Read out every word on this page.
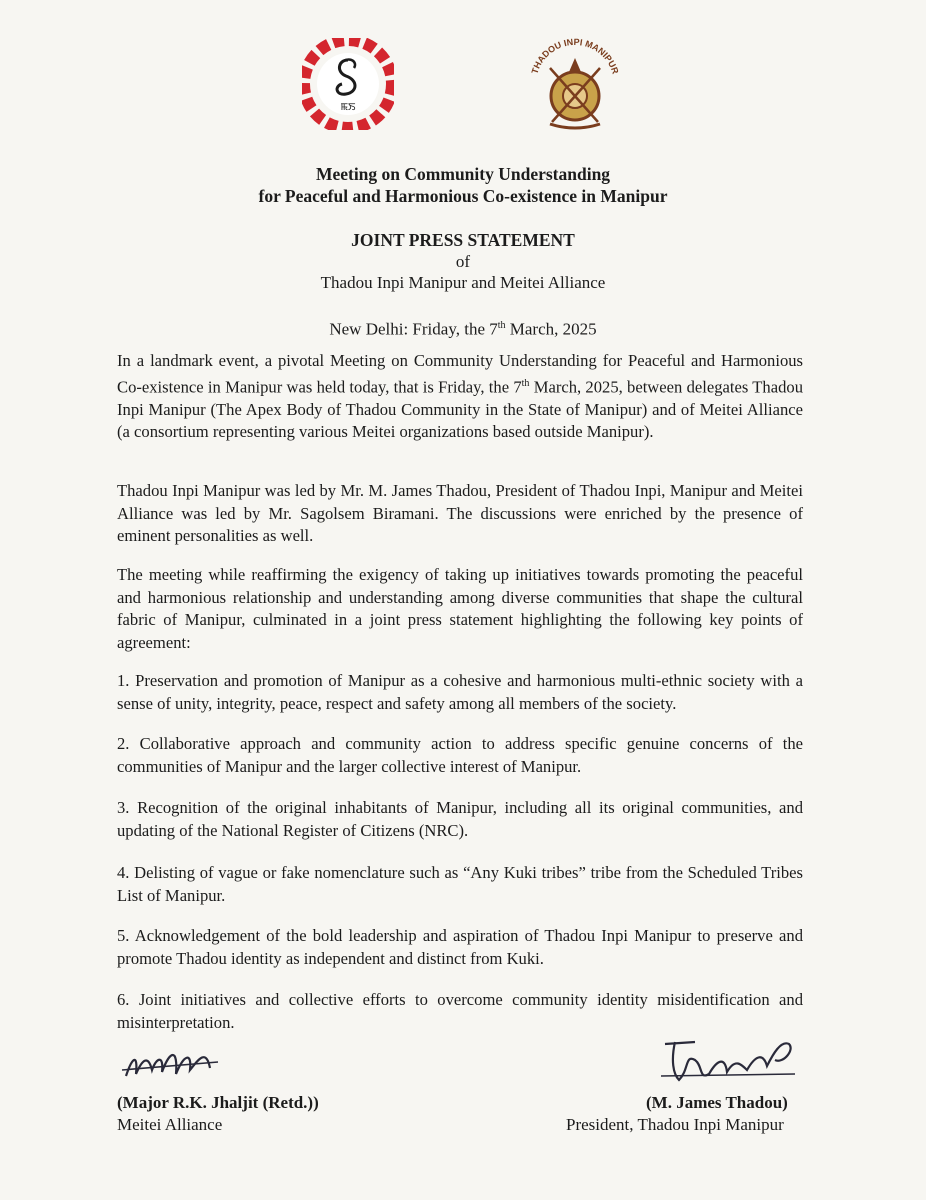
ꯃꯏ
THADOU INPI MANIPUR
Meeting on Community Understanding
for Peaceful and Harmonious Co-existence in Manipur
JOINT PRESS STATEMENT
of
Thadou Inpi Manipur and Meitei Alliance
New Delhi: Friday, the 7th March, 2025

In a landmark event, a pivotal Meeting on Community Understanding for Peaceful and Harmonious Co-existence in Manipur was held today, that is Friday, the 7th March, 2025, between delegates Thadou Inpi Manipur (The Apex Body of Thadou Community in the State of Manipur) and of Meitei Alliance (a consortium representing various Meitei organizations based outside Manipur).

Thadou Inpi Manipur was led by Mr. M. James Thadou, President of Thadou Inpi, Manipur and Meitei Alliance was led by Mr. Sagolsem Biramani. The discussions were enriched by the presence of eminent personalities as well.

The meeting while reaffirming the exigency of taking up initiatives towards promoting the peaceful and harmonious relationship and understanding among diverse communities that shape the cultural fabric of Manipur, culminated in a joint press statement highlighting the following key points of agreement:

1. Preservation and promotion of Manipur as a cohesive and harmonious multi-ethnic society with a sense of unity, integrity, peace, respect and safety among all members of the society.

2. Collaborative approach and community action to address specific genuine concerns of the communities of Manipur and the larger collective interest of Manipur.

3. Recognition of the original inhabitants of Manipur, including all its original communities, and updating of the National Register of Citizens (NRC).

4. Delisting of vague or fake nomenclature such as “Any Kuki tribes” tribe from the Scheduled Tribes List of Manipur.

5. Acknowledgement of the bold leadership and aspiration of Thadou Inpi Manipur to preserve and promote Thadou identity as independent and distinct from Kuki.

6. Joint initiatives and collective efforts to overcome community identity misidentification and misinterpretation.

(Major R.K. Jhaljit (Retd.))
Meitei Alliance
(M. James Thadou)
President, Thadou Inpi Manipur
